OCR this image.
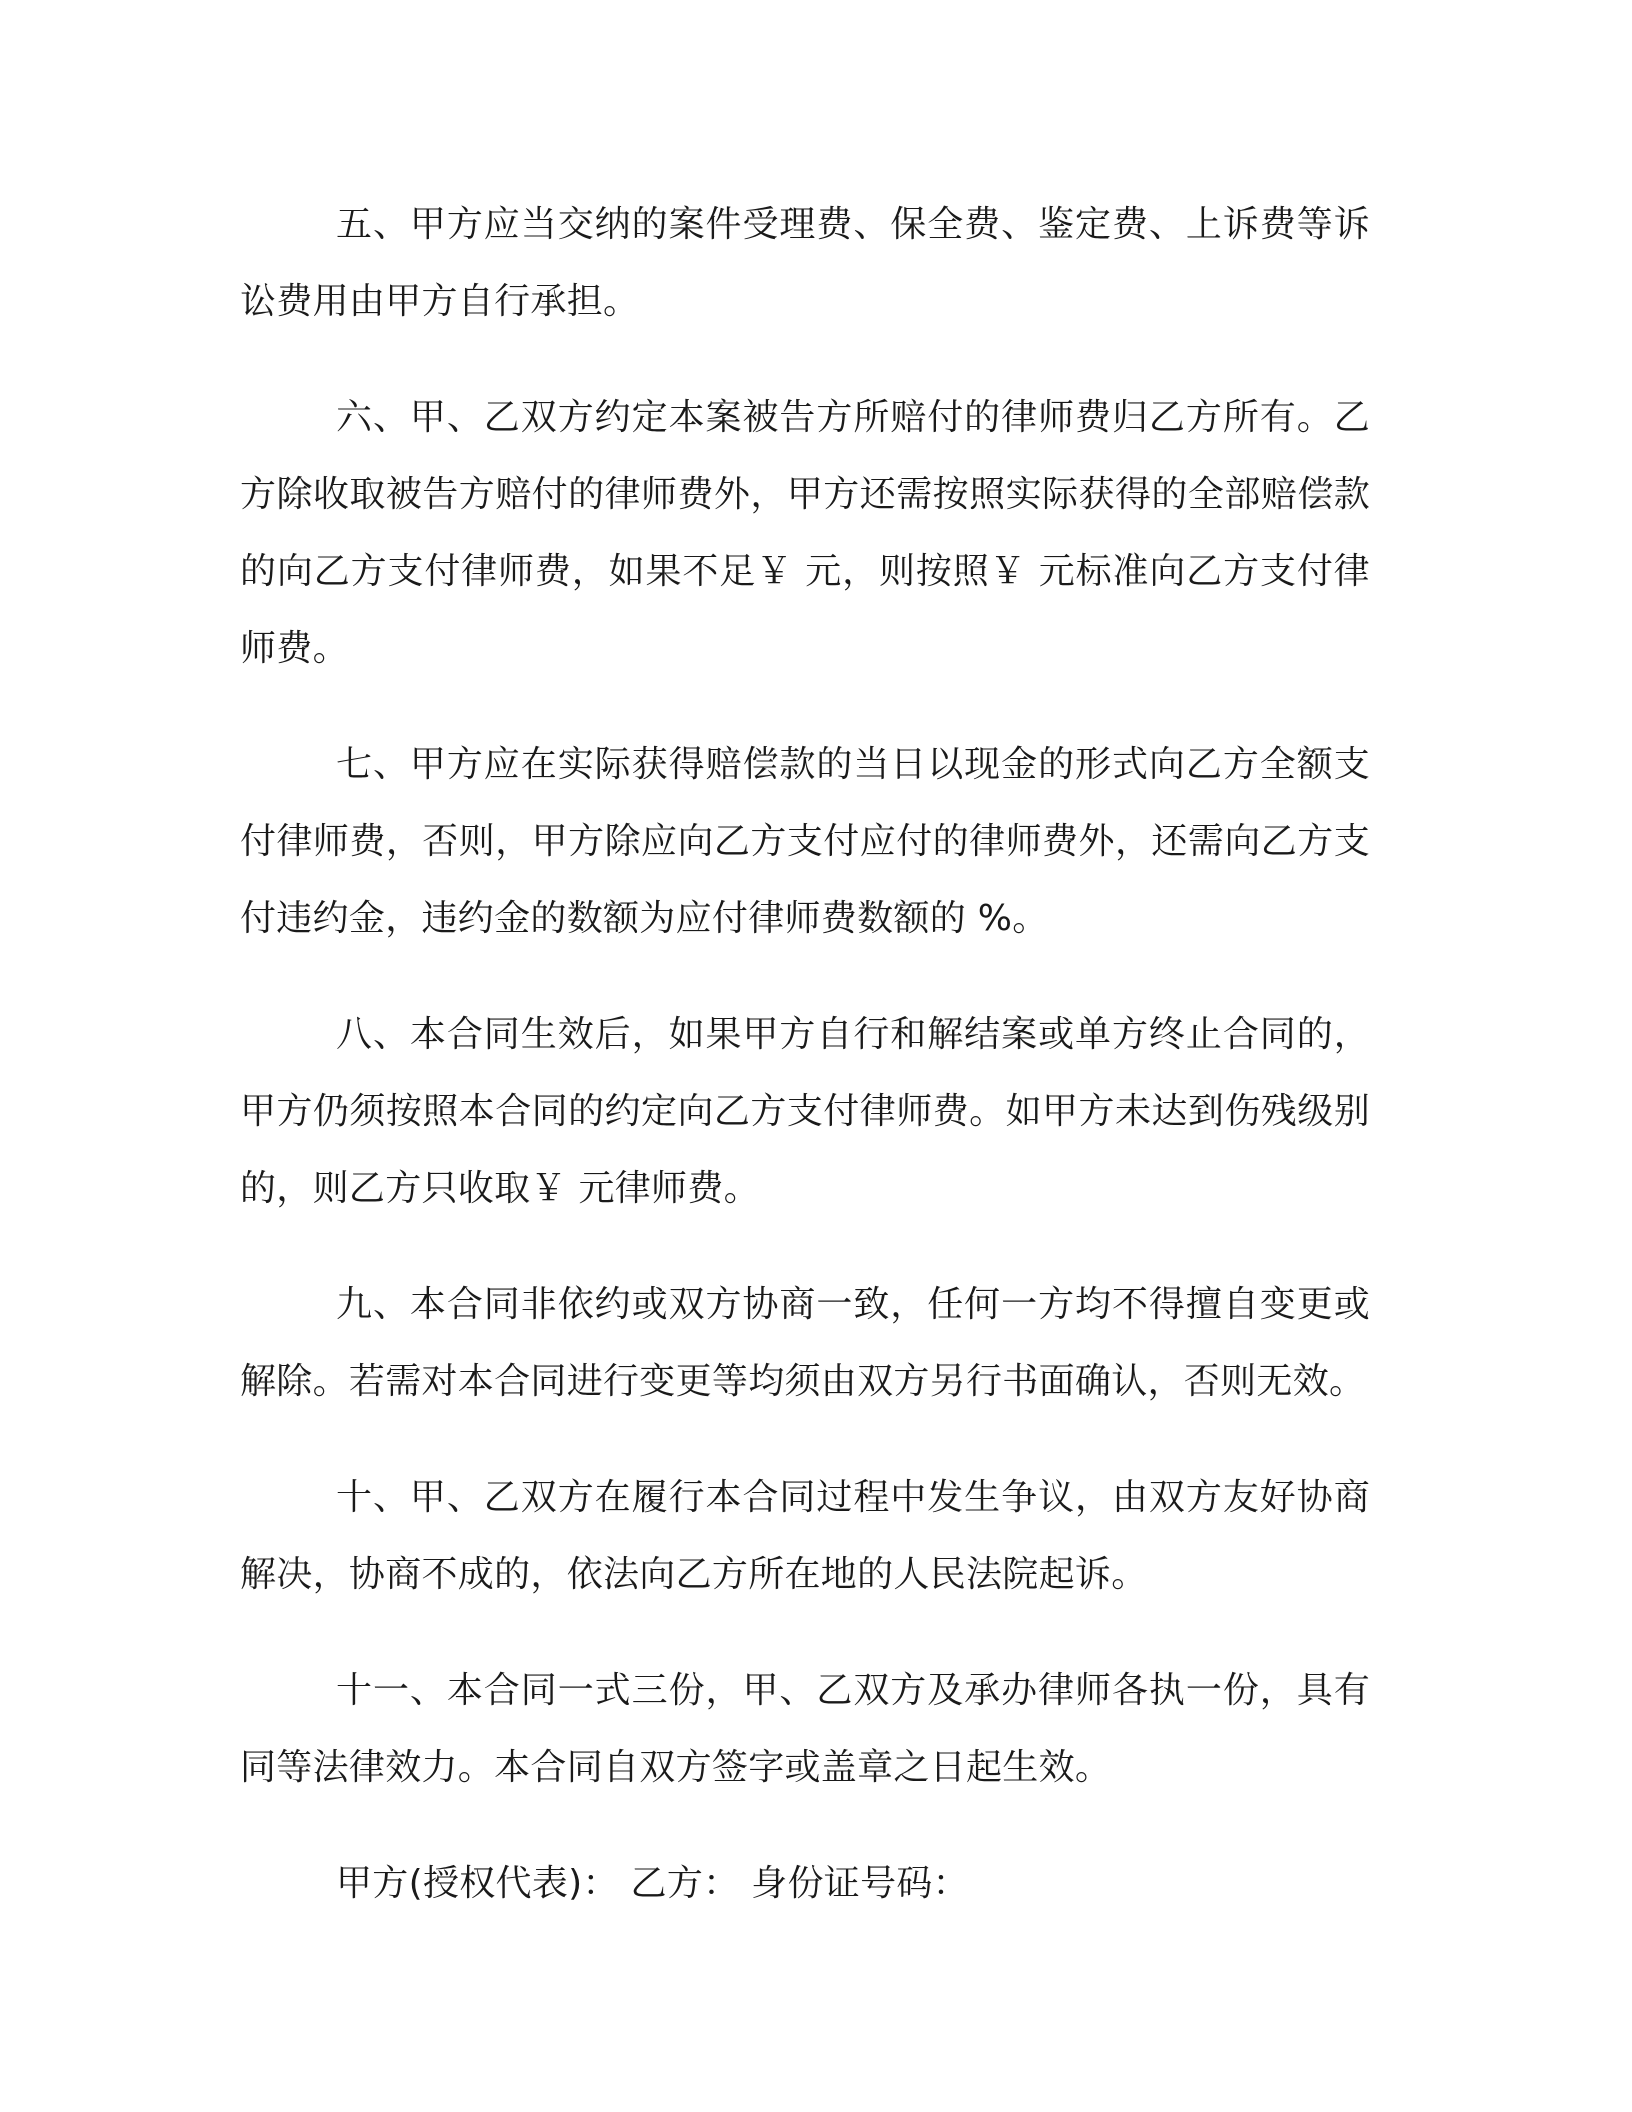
五、甲方应当交纳的案件受理费、保全费、鉴定费、上诉费等诉讼费用由甲方自行承担。

六、甲、乙双方约定本案被告方所赔付的律师费归乙方所有。乙方除收取被告方赔付的律师费外，甲方还需按照实际获得的全部赔偿款的向乙方支付律师费，如果不足￥ 元，则按照￥ 元标准向乙方支付律师费。

七、甲方应在实际获得赔偿款的当日以现金的形式向乙方全额支付律师费，否则，甲方除应向乙方支付应付的律师费外，还需向乙方支付违约金，违约金的数额为应付律师费数额的 %。

八、本合同生效后，如果甲方自行和解结案或单方终止合同的，甲方仍须按照本合同的约定向乙方支付律师费。如甲方未达到伤残级别的，则乙方只收取￥ 元律师费。

九、本合同非依约或双方协商一致，任何一方均不得擅自变更或解除。若需对本合同进行变更等均须由双方另行书面确认，否则无效。

十、甲、乙双方在履行本合同过程中发生争议，由双方友好协商解决，协商不成的，依法向乙方所在地的人民法院起诉。

十一、本合同一式三份，甲、乙双方及承办律师各执一份，具有同等法律效力。本合同自双方签字或盖章之日起生效。

甲方(授权代表)： 乙方： 身份证号码：
